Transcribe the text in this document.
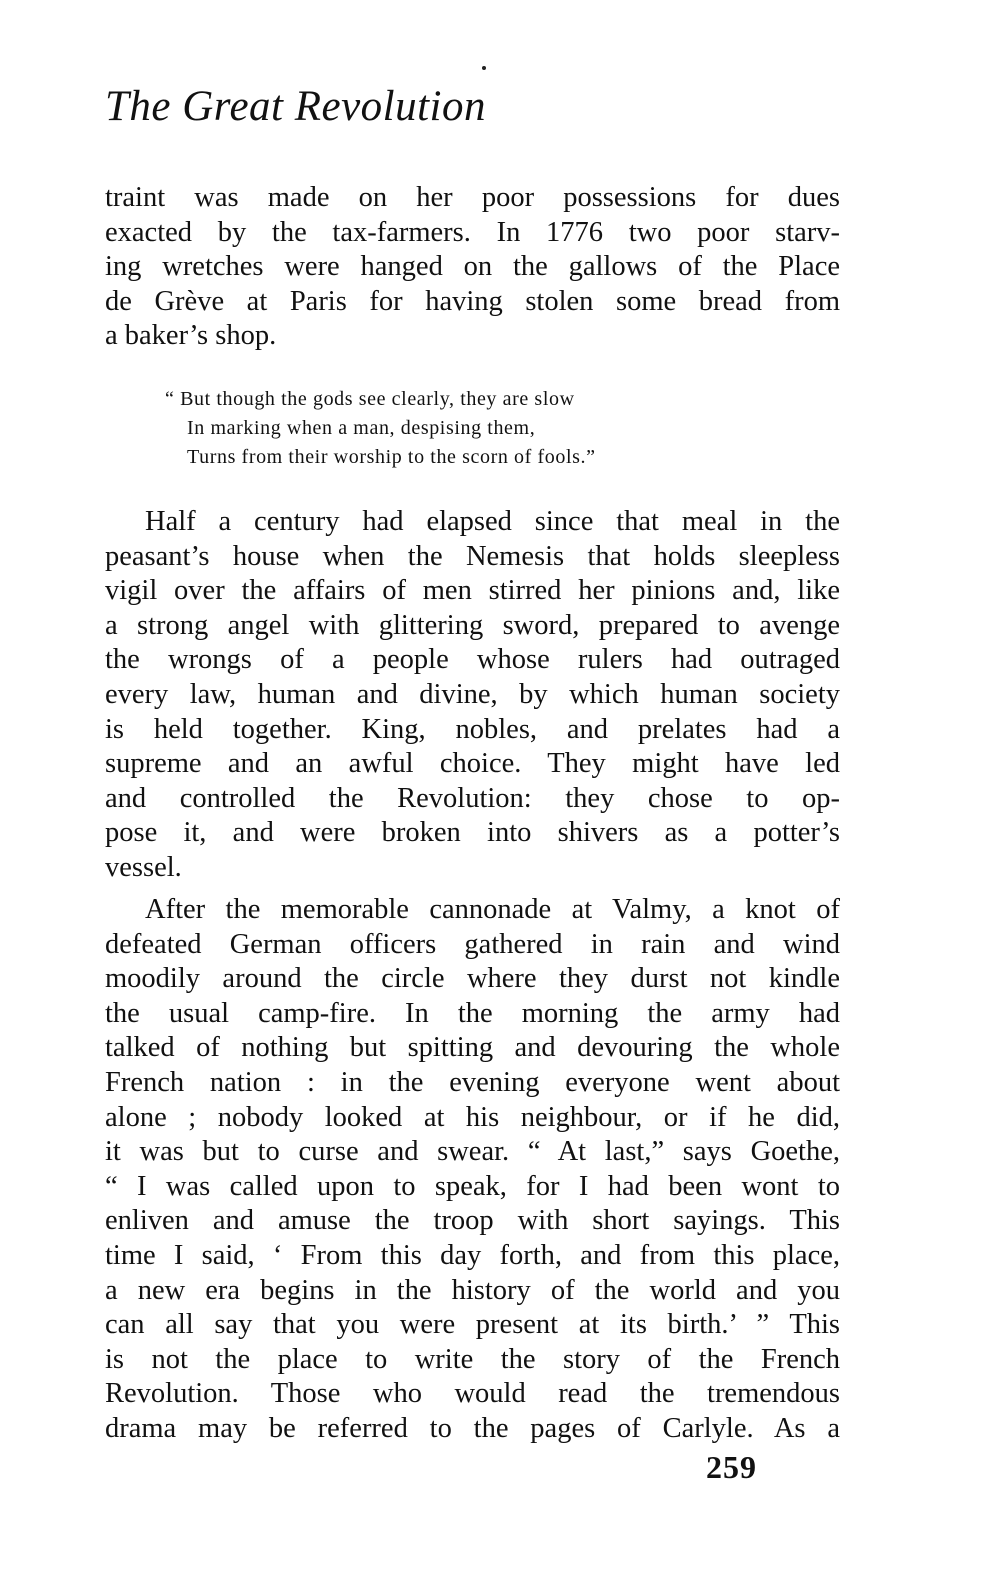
The Great Revolution
traint was made on her poor possessions for dues
exacted by the tax-farmers. In 1776 two poor starv-
ing wretches were hanged on the gallows of the Place
de Grève at Paris for having stolen some bread from
a baker’s shop.
“ But though the gods see clearly, they are slow
In marking when a man, despising them,
Turns from their worship to the scorn of fools.”
Half a century had elapsed since that meal in the
peasant’s house when the Nemesis that holds sleepless
vigil over the affairs of men stirred her pinions and, like
a strong angel with glittering sword, prepared to avenge
the wrongs of a people whose rulers had outraged
every law, human and divine, by which human society
is held together. King, nobles, and prelates had a
supreme and an awful choice. They might have led
and controlled the Revolution: they chose to op-
pose it, and were broken into shivers as a potter’s
vessel.
After the memorable cannonade at Valmy, a knot of
defeated German officers gathered in rain and wind
moodily around the circle where they durst not kindle
the usual camp-fire. In the morning the army had
talked of nothing but spitting and devouring the whole
French nation : in the evening everyone went about
alone ; nobody looked at his neighbour, or if he did,
it was but to curse and swear. “ At last,” says Goethe,
“ I was called upon to speak, for I had been wont to
enliven and amuse the troop with short sayings. This
time I said, ‘ From this day forth, and from this place,
a new era begins in the history of the world and you
can all say that you were present at its birth.’ ” This
is not the place to write the story of the French
Revolution. Those who would read the tremendous
drama may be referred to the pages of Carlyle. As a
259
